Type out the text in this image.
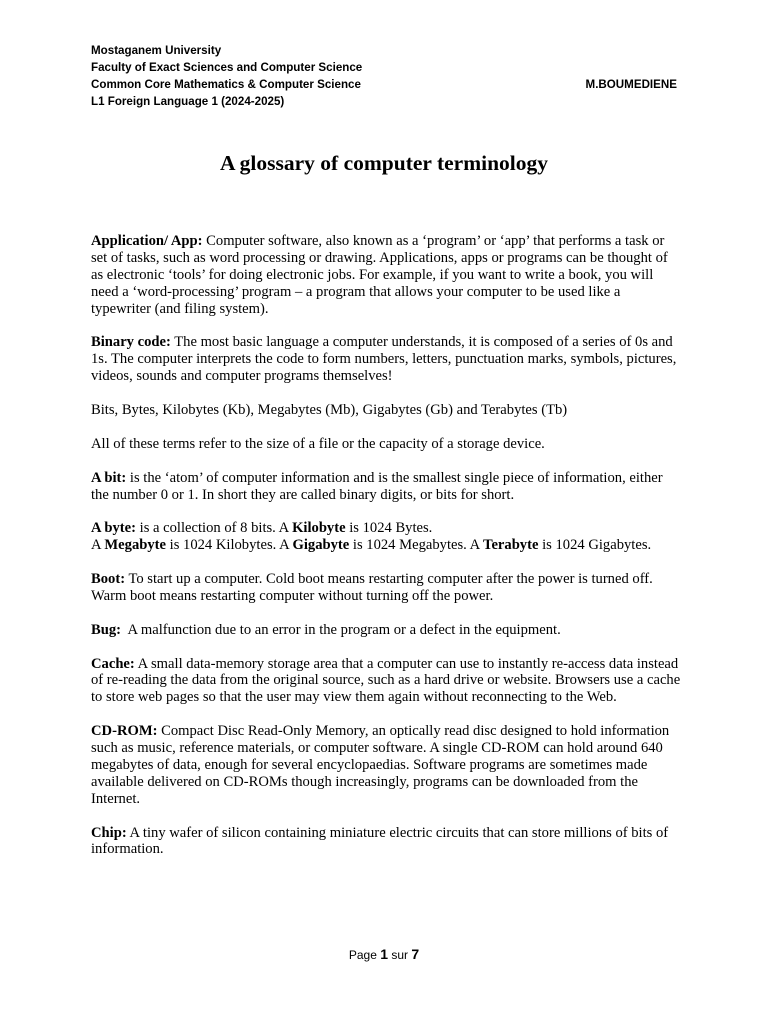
Mostaganem University
Faculty of Exact Sciences and Computer Science
Common Core Mathematics & Computer Science	M.BOUMEDIENE
L1 Foreign Language 1 (2024-2025)
A glossary of computer terminology

Application/ App: Computer software, also known as a ‘program’ or ‘app’ that performs a task or set of tasks, such as word processing or drawing. Applications, apps or programs can be thought of as electronic ‘tools’ for doing electronic jobs. For example, if you want to write a book, you will need a ‘word-processing’ program – a program that allows your computer to be used like a typewriter (and filing system).

Binary code: The most basic language a computer understands, it is composed of a series of 0s and 1s. The computer interprets the code to form numbers, letters, punctuation marks, symbols, pictures, videos, sounds and computer programs themselves!

Bits, Bytes, Kilobytes (Kb), Megabytes (Mb), Gigabytes (Gb) and Terabytes (Tb)

All of these terms refer to the size of a file or the capacity of a storage device.

A bit: is the ‘atom’ of computer information and is the smallest single piece of information, either the number 0 or 1. In short they are called binary digits, or bits for short.

A byte: is a collection of 8 bits. A Kilobyte is 1024 Bytes.
A Megabyte is 1024 Kilobytes. A Gigabyte is 1024 Megabytes. A Terabyte is 1024 Gigabytes.

Boot: To start up a computer. Cold boot means restarting computer after the power is turned off. Warm boot means restarting computer without turning off the power.

Bug:  A malfunction due to an error in the program or a defect in the equipment.

Cache: A small data-memory storage area that a computer can use to instantly re-access data instead of re-reading the data from the original source, such as a hard drive or website. Browsers use a cache to store web pages so that the user may view them again without reconnecting to the Web.

CD-ROM: Compact Disc Read-Only Memory, an optically read disc designed to hold information such as music, reference materials, or computer software. A single CD-ROM can hold around 640 megabytes of data, enough for several encyclopaedias. Software programs are sometimes made available delivered on CD-ROMs though increasingly, programs can be downloaded from the Internet.

Chip: A tiny wafer of silicon containing miniature electric circuits that can store millions of bits of information.

Page 1 sur 7
